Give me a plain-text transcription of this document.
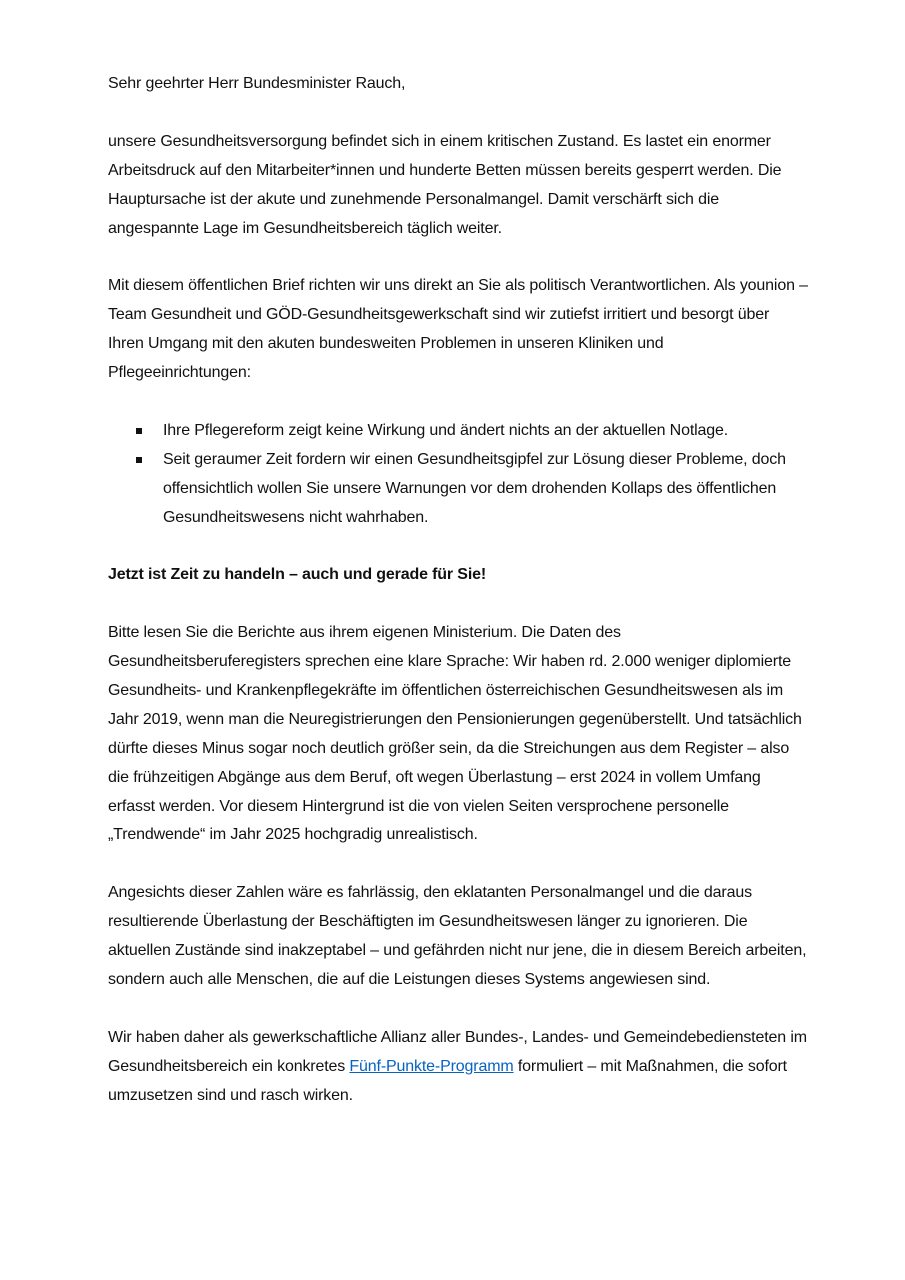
Sehr geehrter Herr Bundesminister Rauch,

unsere Gesundheitsversorgung befindet sich in einem kritischen Zustand. Es lastet ein enormer Arbeitsdruck auf den Mitarbeiter*innen und hunderte Betten müssen bereits gesperrt werden. Die Hauptursache ist der akute und zunehmende Personalmangel. Damit verschärft sich die angespannte Lage im Gesundheitsbereich täglich weiter.

Mit diesem öffentlichen Brief richten wir uns direkt an Sie als politisch Verantwortlichen. Als younion – Team Gesundheit und GÖD-Gesundheitsgewerkschaft sind wir zutiefst irritiert und besorgt über Ihren Umgang mit den akuten bundesweiten Problemen in unseren Kliniken und Pflegeeinrichtungen:

Ihre Pflegereform zeigt keine Wirkung und ändert nichts an der aktuellen Notlage.
Seit geraumer Zeit fordern wir einen Gesundheitsgipfel zur Lösung dieser Probleme, doch offensichtlich wollen Sie unsere Warnungen vor dem drohenden Kollaps des öffentlichen Gesundheitswesens nicht wahrhaben.

Jetzt ist Zeit zu handeln – auch und gerade für Sie!

Bitte lesen Sie die Berichte aus ihrem eigenen Ministerium. Die Daten des Gesundheitsberuferegisters sprechen eine klare Sprache: Wir haben rd. 2.000 weniger diplomierte Gesundheits- und Krankenpflegekräfte im öffentlichen österreichischen Gesundheitswesen als im Jahr 2019, wenn man die Neuregistrierungen den Pensionierungen gegenüberstellt. Und tatsächlich dürfte dieses Minus sogar noch deutlich größer sein, da die Streichungen aus dem Register – also die frühzeitigen Abgänge aus dem Beruf, oft wegen Überlastung – erst 2024 in vollem Umfang erfasst werden. Vor diesem Hintergrund ist die von vielen Seiten versprochene personelle „Trendwende“ im Jahr 2025 hochgradig unrealistisch.

Angesichts dieser Zahlen wäre es fahrlässig, den eklatanten Personalmangel und die daraus resultierende Überlastung der Beschäftigten im Gesundheitswesen länger zu ignorieren. Die aktuellen Zustände sind inakzeptabel – und gefährden nicht nur jene, die in diesem Bereich arbeiten, sondern auch alle Menschen, die auf die Leistungen dieses Systems angewiesen sind.

Wir haben daher als gewerkschaftliche Allianz aller Bundes-, Landes- und Gemeindebediensteten im Gesundheitsbereich ein konkretes Fünf-Punkte-Programm formuliert – mit Maßnahmen, die sofort umzusetzen sind und rasch wirken.
